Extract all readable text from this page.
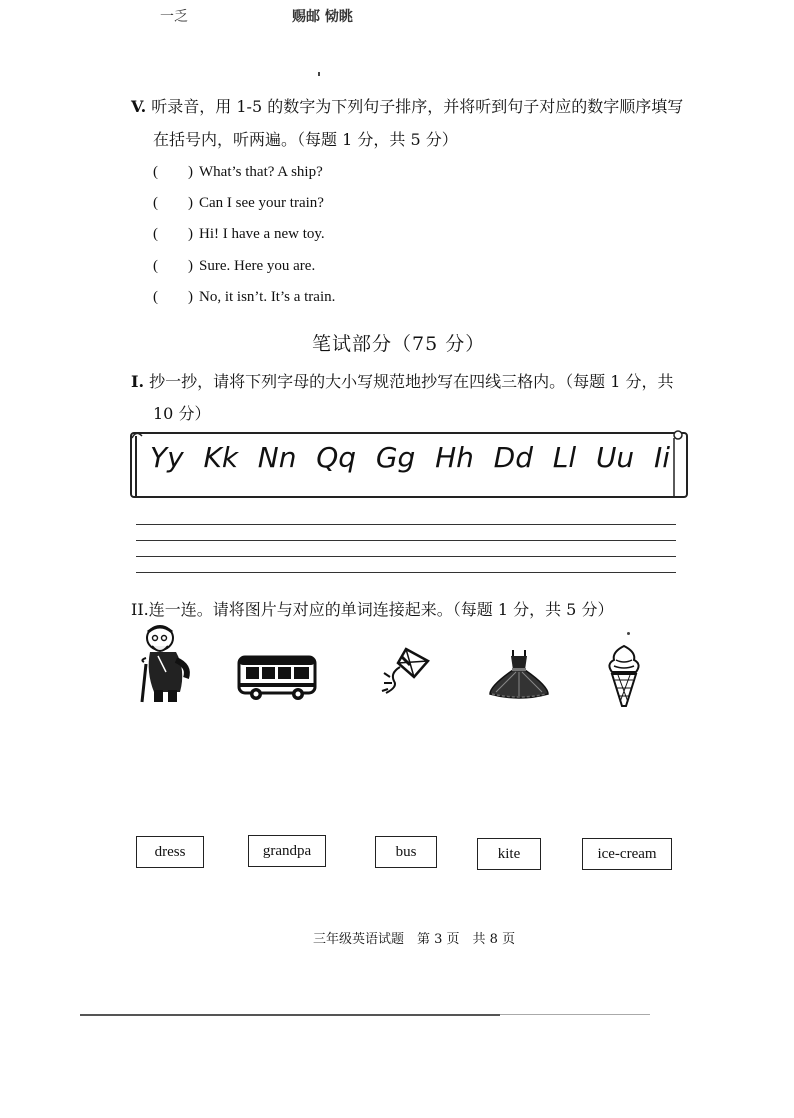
一乏	赐邮 恸眺
V. 听录音，用 1-5 的数字为下列句子排序，并将听到句子对应的数字顺序填写
在括号内，听两遍。（每题 1 分，共 5 分）
(　　) What’s that? A ship?
(　　) Can I see your train?
(　　) Hi! I have a new toy.
(　　) Sure. Here you are.
(　　) No, it isn’t. It’s a train.
笔试部分（75 分）
I. 抄一抄，请将下列字母的大小写规范地抄写在四线三格内。（每题 1 分，共
10 分）
Yy Kk Nn Qq Gg Hh Dd Ll Uu Ii
II.连一连。请将图片与对应的单词连接起来。（每题 1 分，共 5 分）
dress	grandpa	bus	kite	ice-cream
三年级英语试题　第 3 页　共 8 页
